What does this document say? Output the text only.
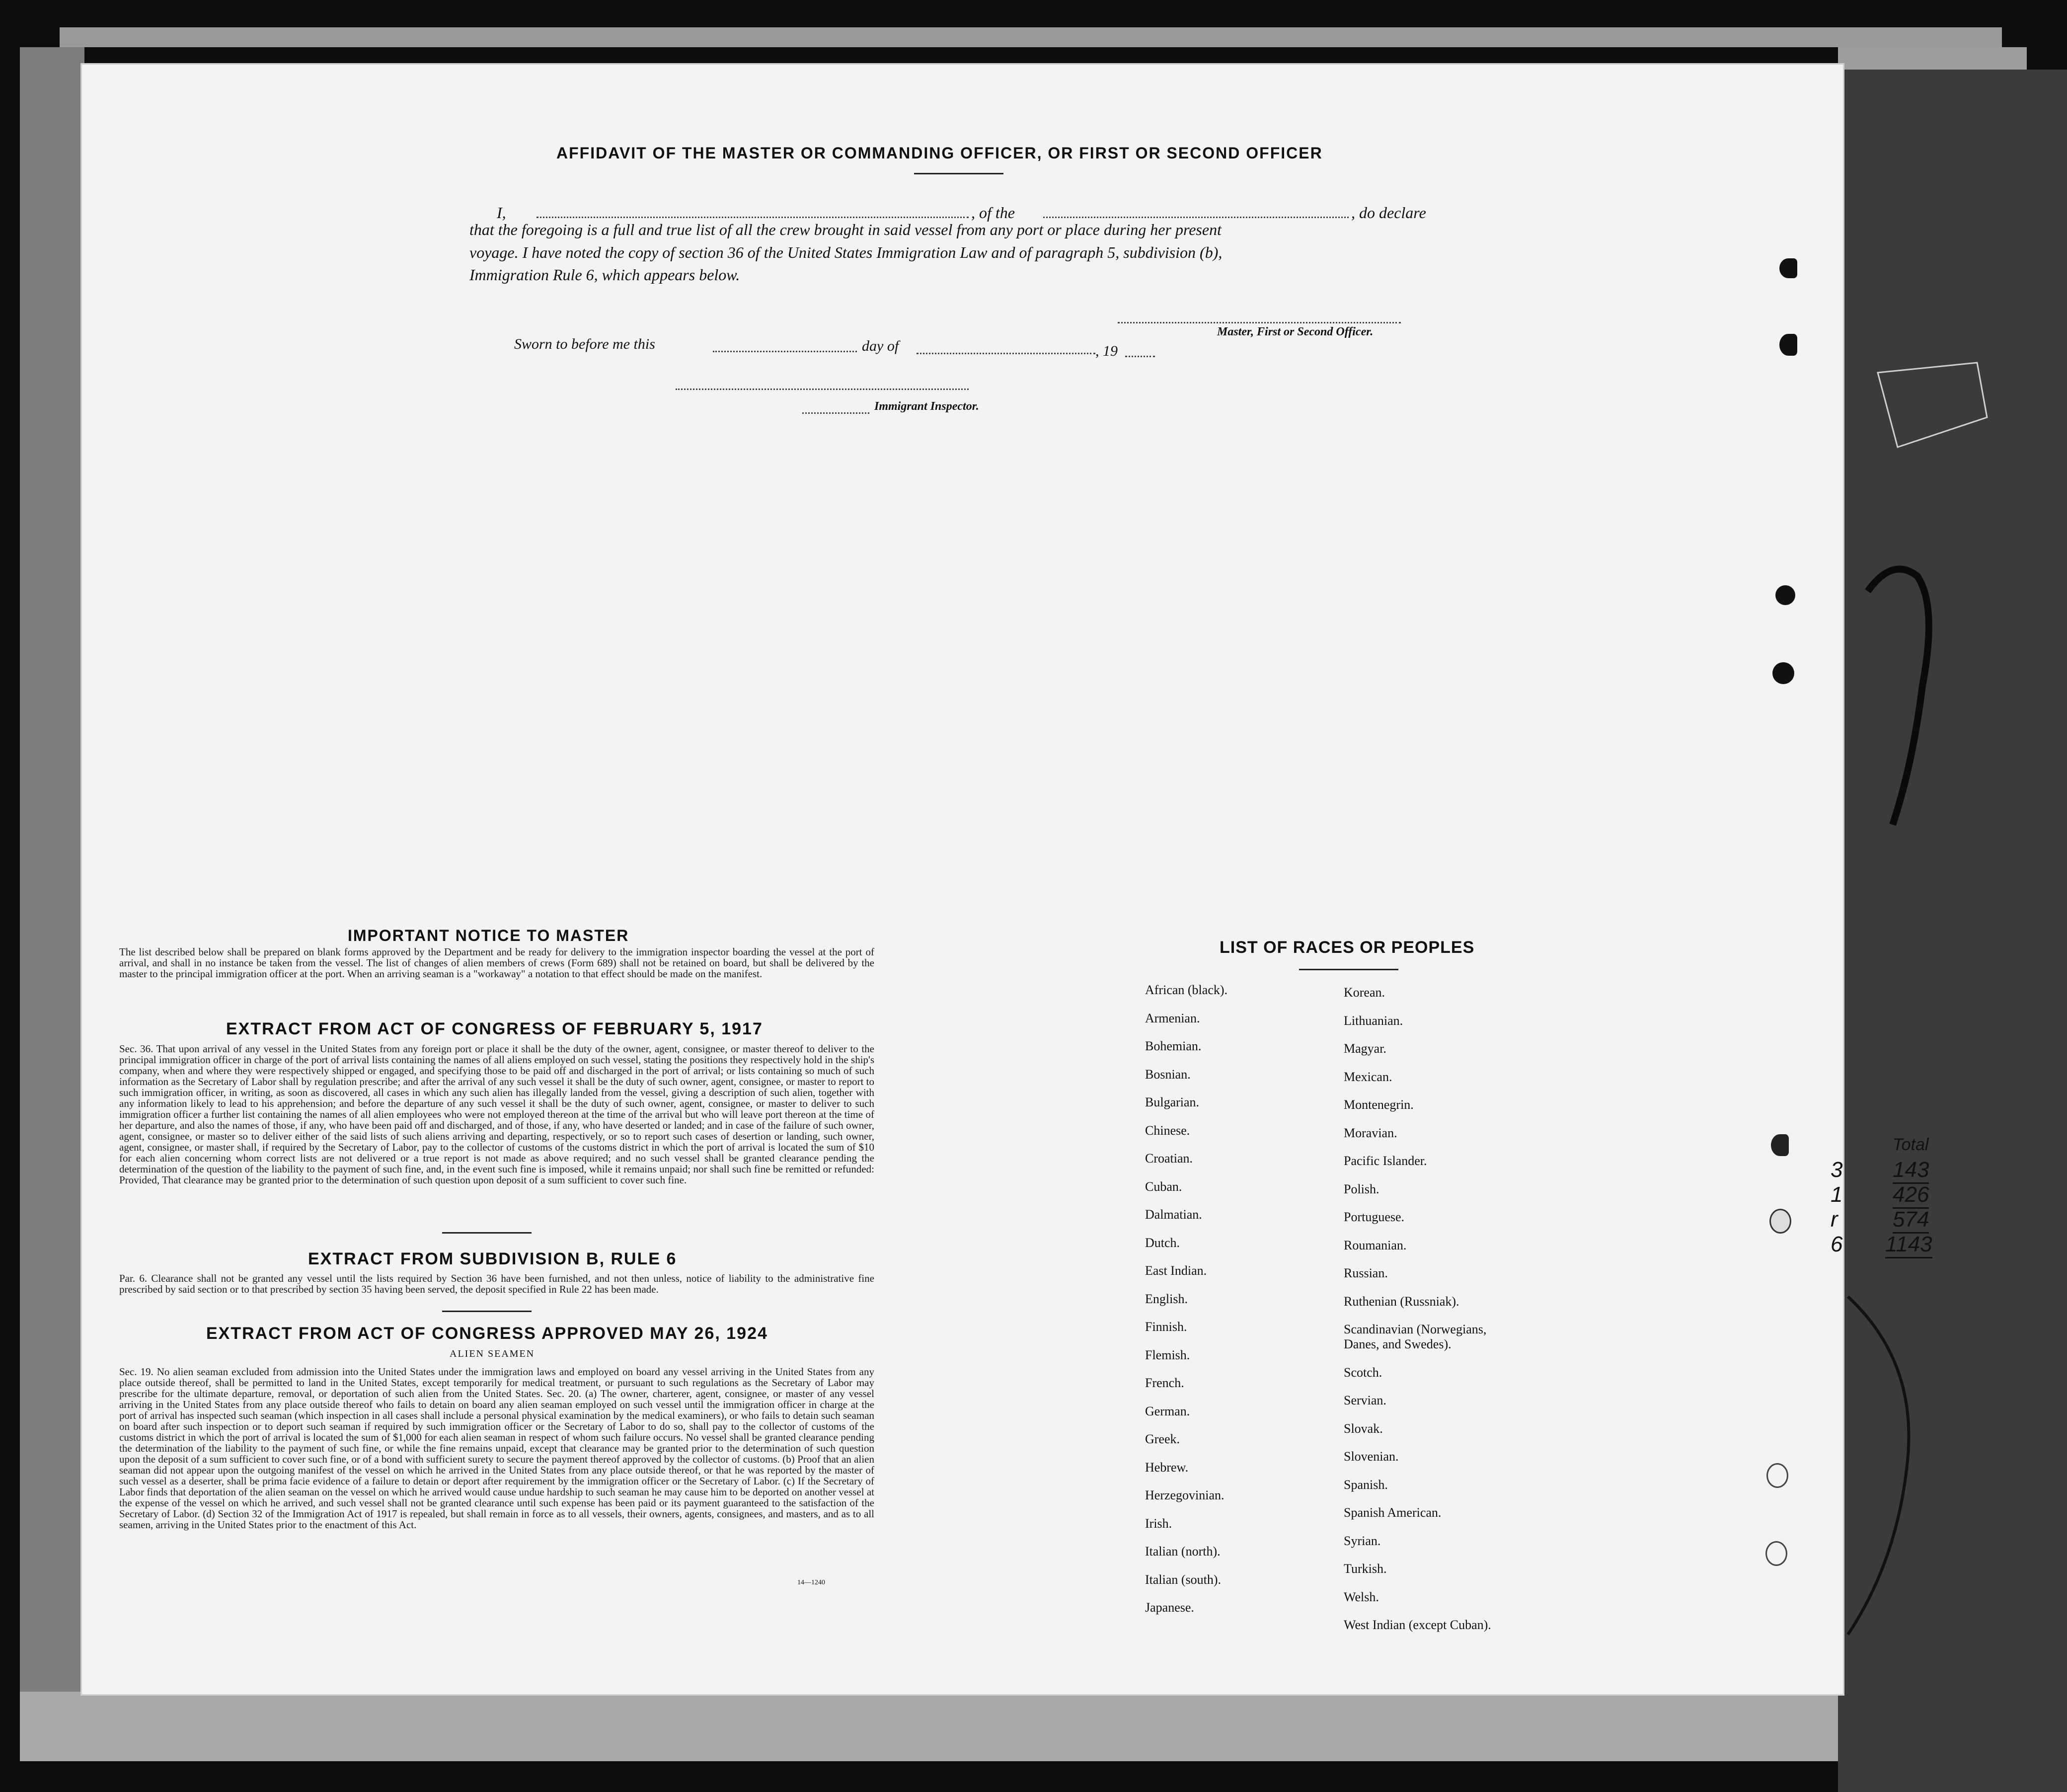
AFFIDAVIT OF THE MASTER OR COMMANDING OFFICER, OR FIRST OR SECOND OFFICER
I,	, of the	, do declare
that the foregoing is a full and true list of all the crew brought in said vessel from any port or place during her present
voyage. I have noted the copy of section 36 of the United States Immigration Law and of paragraph 5, subdivision (b),
Immigration Rule 6, which appears below.
Master, First or Second Officer.
Sworn to before me this	day of	, 19
Immigrant Inspector.
IMPORTANT NOTICE TO MASTER
The list described below shall be prepared on blank forms approved by the Department and be ready for delivery to the immigration inspector boarding the vessel at the port of arrival, and shall in no instance be taken from the vessel. The list of changes of alien members of crews (Form 689) shall not be retained on board, but shall be delivered by the master to the principal immigration officer at the port. When an arriving seaman is a "workaway" a notation to that effect should be made on the manifest.
EXTRACT FROM ACT OF CONGRESS OF FEBRUARY 5, 1917
Sec. 36. That upon arrival of any vessel in the United States from any foreign port or place it shall be the duty of the owner, agent, consignee, or master thereof to deliver to the principal immigration officer in charge of the port of arrival lists containing the names of all aliens employed on such vessel, stating the positions they respectively hold in the ship's company, when and where they were respectively shipped or engaged, and specifying those to be paid off and discharged in the port of arrival; or lists containing so much of such information as the Secretary of Labor shall by regulation prescribe; and after the arrival of any such vessel it shall be the duty of such owner, agent, consignee, or master to report to such immigration officer, in writing, as soon as discovered, all cases in which any such alien has illegally landed from the vessel, giving a description of such alien, together with any information likely to lead to his apprehension; and before the departure of any such vessel it shall be the duty of such owner, agent, consignee, or master to deliver to such immigration officer a further list containing the names of all alien employees who were not employed thereon at the time of the arrival but who will leave port thereon at the time of her departure, and also the names of those, if any, who have been paid off and discharged, and of those, if any, who have deserted or landed; and in case of the failure of such owner, agent, consignee, or master so to deliver either of the said lists of such aliens arriving and departing, respectively, or so to report such cases of desertion or landing, such owner, agent, consignee, or master shall, if required by the Secretary of Labor, pay to the collector of customs of the customs district in which the port of arrival is located the sum of $10 for each alien concerning whom correct lists are not delivered or a true report is not made as above required; and no such vessel shall be granted clearance pending the determination of the question of the liability to the payment of such fine, and, in the event such fine is imposed, while it remains unpaid; nor shall such fine be remitted or refunded: Provided, That clearance may be granted prior to the determination of such question upon deposit of a sum sufficient to cover such fine.
EXTRACT FROM SUBDIVISION B, RULE 6
Par. 6. Clearance shall not be granted any vessel until the lists required by Section 36 have been furnished, and not then unless, notice of liability to the administrative fine prescribed by said section or to that prescribed by section 35 having been served, the deposit specified in Rule 22 has been made.
EXTRACT FROM ACT OF CONGRESS APPROVED MAY 26, 1924
ALIEN SEAMEN
Sec. 19. No alien seaman excluded from admission into the United States under the immigration laws and employed on board any vessel arriving in the United States from any place outside thereof, shall be permitted to land in the United States, except temporarily for medical treatment, or pursuant to such regulations as the Secretary of Labor may prescribe for the ultimate departure, removal, or deportation of such alien from the United States. Sec. 20. (a) The owner, charterer, agent, consignee, or master of any vessel arriving in the United States from any place outside thereof who fails to detain on board any alien seaman employed on such vessel until the immigration officer in charge at the port of arrival has inspected such seaman (which inspection in all cases shall include a personal physical examination by the medical examiners), or who fails to detain such seaman on board after such inspection or to deport such seaman if required by such immigration officer or the Secretary of Labor to do so, shall pay to the collector of customs of the customs district in which the port of arrival is located the sum of $1,000 for each alien seaman in respect of whom such failure occurs. No vessel shall be granted clearance pending the determination of the liability to the payment of such fine, or while the fine remains unpaid, except that clearance may be granted prior to the determination of such question upon the deposit of a sum sufficient to cover such fine, or of a bond with sufficient surety to secure the payment thereof approved by the collector of customs. (b) Proof that an alien seaman did not appear upon the outgoing manifest of the vessel on which he arrived in the United States from any place outside thereof, or that he was reported by the master of such vessel as a deserter, shall be prima facie evidence of a failure to detain or deport after requirement by the immigration officer or the Secretary of Labor. (c) If the Secretary of Labor finds that deportation of the alien seaman on the vessel on which he arrived would cause undue hardship to such seaman he may cause him to be deported on another vessel at the expense of the vessel on which he arrived, and such vessel shall not be granted clearance until such expense has been paid or its payment guaranteed to the satisfaction of the Secretary of Labor. (d) Section 32 of the Immigration Act of 1917 is repealed, but shall remain in force as to all vessels, their owners, agents, consignees, and masters, and as to all seamen, arriving in the United States prior to the enactment of this Act.
14—1240
LIST OF RACES OR PEOPLES
Total
African (black).
Armenian.
Bohemian.
Bosnian.
Bulgarian.
Chinese.
Croatian.
Cuban.
Dalmatian.
Dutch.
East Indian.
English.
Finnish.
Flemish.
French.
German.
Greek.
Hebrew.
Herzegovinian.
Irish.
Italian (north).
Italian (south).
Japanese.
Korean.
Lithuanian.
Magyar.
Mexican.
Montenegrin.
Moravian.
Pacific Islander.
Polish.
Portuguese.
Roumanian.
Russian.
Ruthenian (Russniak).
Scandinavian (Norwegians,
Danes, and Swedes).
Scotch.
Servian.
Slovak.
Slovenian.
Spanish.
Spanish American.
Syrian.
Turkish.
Welsh.
West Indian (except Cuban).
3 143
1 426
r	574
6 1143
